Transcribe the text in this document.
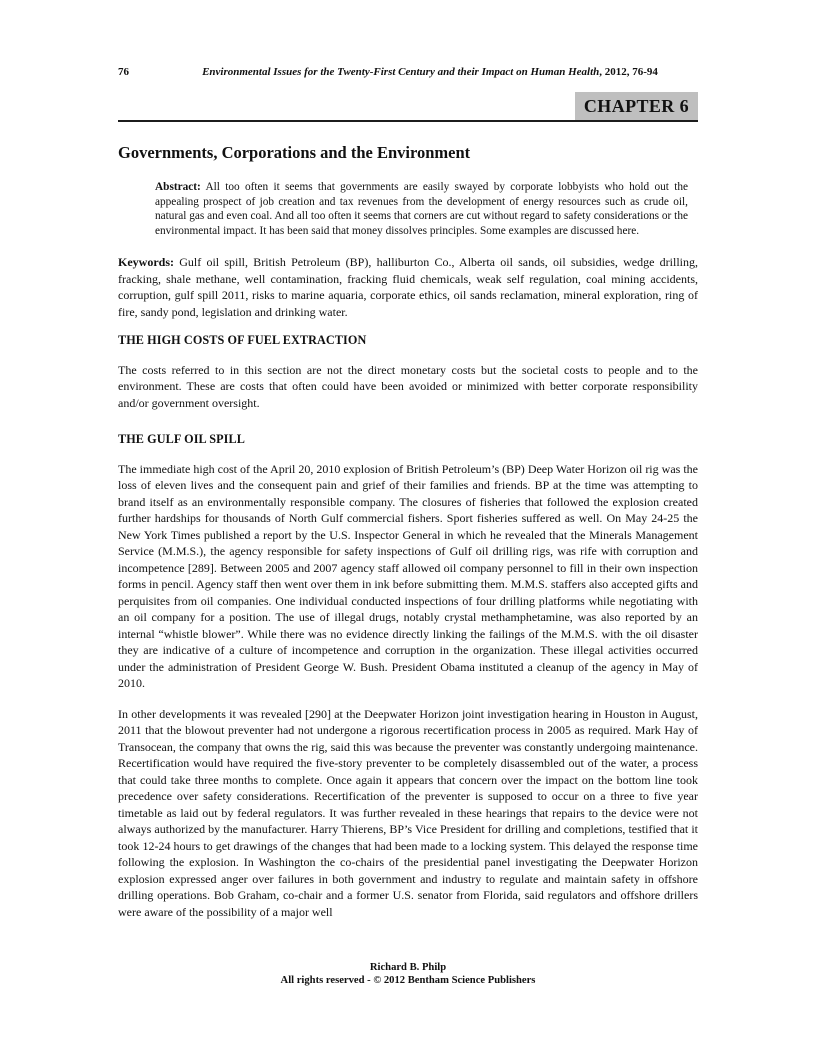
76	Environmental Issues for the Twenty-First Century and their Impact on Human Health, 2012, 76-94
CHAPTER 6
Governments, Corporations and the Environment

Abstract: All too often it seems that governments are easily swayed by corporate lobbyists who hold out the appealing prospect of job creation and tax revenues from the development of energy resources such as crude oil, natural gas and even coal. And all too often it seems that corners are cut without regard to safety considerations or the environmental impact. It has been said that money dissolves principles. Some examples are discussed here.

Keywords: Gulf oil spill, British Petroleum (BP), halliburton Co., Alberta oil sands, oil subsidies, wedge drilling, fracking, shale methane, well contamination, fracking fluid chemicals, weak self regulation, coal mining accidents, corruption, gulf spill 2011, risks to marine aquaria, corporate ethics, oil sands reclamation, mineral exploration, ring of fire, sandy pond, legislation and drinking water.

THE HIGH COSTS OF FUEL EXTRACTION

The costs referred to in this section are not the direct monetary costs but the societal costs to people and to the environment. These are costs that often could have been avoided or minimized with better corporate responsibility and/or government oversight.

THE GULF OIL SPILL

The immediate high cost of the April 20, 2010 explosion of British Petroleum’s (BP) Deep Water Horizon oil rig was the loss of eleven lives and the consequent pain and grief of their families and friends. BP at the time was attempting to brand itself as an environmentally responsible company. The closures of fisheries that followed the explosion created further hardships for thousands of North Gulf commercial fishers. Sport fisheries suffered as well. On May 24-25 the New York Times published a report by the U.S. Inspector General in which he revealed that the Minerals Management Service (M.M.S.), the agency responsible for safety inspections of Gulf oil drilling rigs, was rife with corruption and incompetence [289]. Between 2005 and 2007 agency staff allowed oil company personnel to fill in their own inspection forms in pencil. Agency staff then went over them in ink before submitting them. M.M.S. staffers also accepted gifts and perquisites from oil companies. One individual conducted inspections of four drilling platforms while negotiating with an oil company for a position. The use of illegal drugs, notably crystal methamphetamine, was also reported by an internal “whistle blower”. While there was no evidence directly linking the failings of the M.M.S. with the oil disaster they are indicative of a culture of incompetence and corruption in the organization. These illegal activities occurred under the administration of President George W. Bush. President Obama instituted a cleanup of the agency in May of 2010.

In other developments it was revealed [290] at the Deepwater Horizon joint investigation hearing in Houston in August, 2011 that the blowout preventer had not undergone a rigorous recertification process in 2005 as required. Mark Hay of Transocean, the company that owns the rig, said this was because the preventer was constantly undergoing maintenance. Recertification would have required the five-story preventer to be completely disassembled out of the water, a process that could take three months to complete. Once again it appears that concern over the impact on the bottom line took precedence over safety considerations. Recertification of the preventer is supposed to occur on a three to five year timetable as laid out by federal regulators. It was further revealed in these hearings that repairs to the device were not always authorized by the manufacturer. Harry Thierens, BP’s Vice President for drilling and completions, testified that it took 12-24 hours to get drawings of the changes that had been made to a locking system. This delayed the response time following the explosion. In Washington the co-chairs of the presidential panel investigating the Deepwater Horizon explosion expressed anger over failures in both government and industry to regulate and maintain safety in offshore drilling operations. Bob Graham, co-chair and a former U.S. senator from Florida, said regulators and offshore drillers were aware of the possibility of a major well

Richard B. Philp
All rights reserved - © 2012 Bentham Science Publishers
